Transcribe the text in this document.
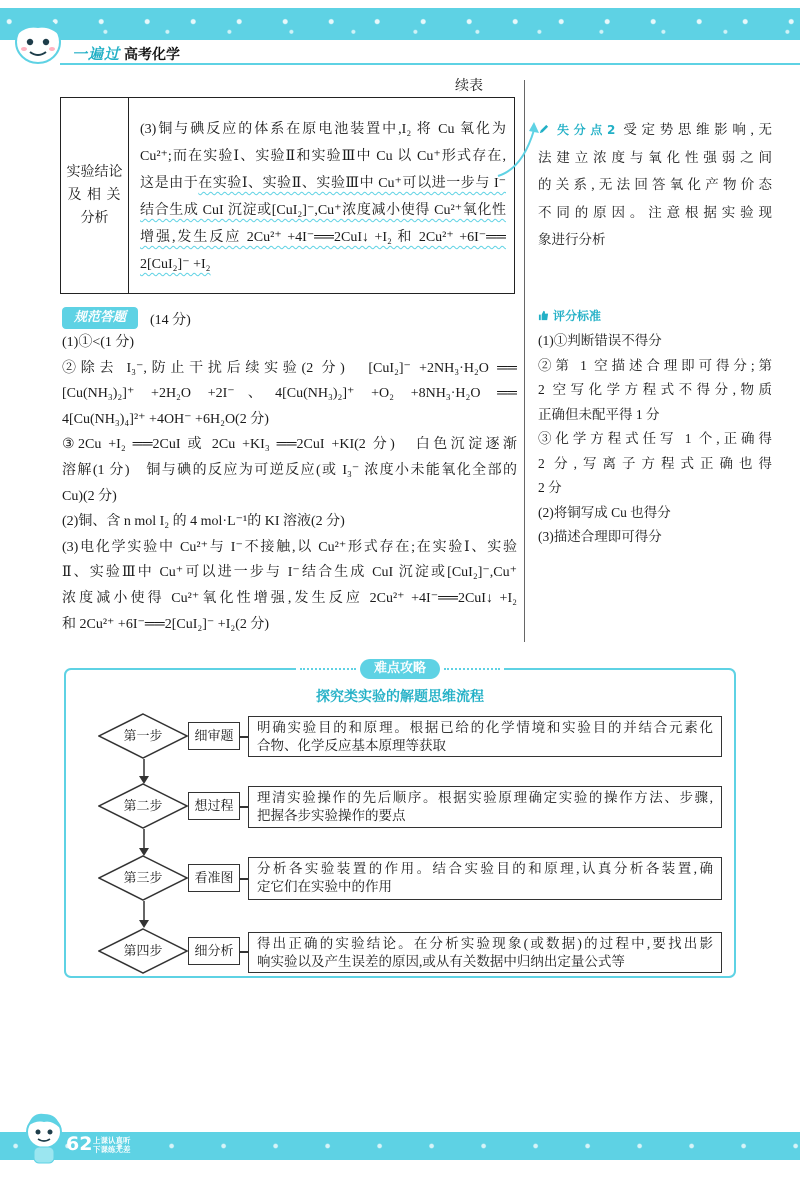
一遍过 高考化学
续表
实验结论
及 相 关
分析
(3)铜与碘反应的体系在原电池装置中,I₂ 将 Cu 氧化为
Cu²⁺;而在实验Ⅰ、实验Ⅱ和实验Ⅲ中 Cu 以 Cu⁺形式存在,
这是由于在实验Ⅰ、实验Ⅱ、实验Ⅲ中 Cu⁺可以进一步与 I⁻
结合生成 CuI 沉淀或[CuI₂]⁻,Cu⁺浓度减小使得 Cu²⁺氧化性
增强,发生反应 2Cu²⁺ +4I⁻══2CuI↓ +I₂ 和 2Cu²⁺ +6I⁻══
2[CuI₂]⁻ +I₂
失分点2 受定势思维影响,无
法建立浓度与氧化性强弱之间
的关系,无法回答氧化产物价态
不同的原因。注意根据实验现
象进行分析
规范答题	(14 分)
(1)①<(1 分)
②除去 I₃⁻,防止干扰后续实验(2 分)　[CuI₂]⁻ +2NH₃·H₂O ══
[Cu(NH₃)₂]⁺ +2H₂O +2I⁻、4[Cu(NH₃)₂]⁺ +O₂ +8NH₃·H₂O ══
4[Cu(NH₃)₄]²⁺ +4OH⁻ +6H₂O(2 分)
③2Cu +I₂ ══2CuI 或 2Cu +KI₃ ══2CuI +KI(2 分)　白色沉淀逐渐
溶解(1 分)　铜与碘的反应为可逆反应(或 I₃⁻ 浓度小未能氧化全部的
Cu)(2 分)
(2)铜、含 n mol I₂ 的 4 mol·L⁻¹的 KI 溶液(2 分)
(3)电化学实验中 Cu²⁺与 I⁻不接触,以 Cu²⁺形式存在;在实验Ⅰ、实验
Ⅱ、实验Ⅲ中 Cu⁺可以进一步与 I⁻结合生成 CuI 沉淀或[CuI₂]⁻,Cu⁺
浓度减小使得 Cu²⁺氧化性增强,发生反应 2Cu²⁺ +4I⁻══2CuI↓ +I₂
和 2Cu²⁺ +6I⁻══2[CuI₂]⁻ +I₂(2 分)
评分标准
(1)①判断错误不得分
②第 1 空描述合理即可得分;第
2 空写化学方程式不得分,物质
正确但未配平得 1 分
③化学方程式任写 1 个,正确得
2 分,写离子方程式正确也得
2 分
(2)将铜写成 Cu 也得分
(3)描述合理即可得分
难点攻略
探究类实验的解题思维流程
第一步	细审题
明确实验目的和原理。根据已给的化学情境和实验目的并结合元素化
合物、化学反应基本原理等获取
第二步	想过程
理清实验操作的先后顺序。根据实验原理确定实验的操作方法、步骤,
把握各步实验操作的要点
第三步	看准图
分析各实验装置的作用。结合实验目的和原理,认真分析各装置,确
定它们在实验中的作用
第四步	细分析	得出正确的实验结论。在分析实验现象(或数据)的过程中,要找出影
响实验以及产生误差的原因,或从有关数据中归纳出定量公式等
62 上课认真听
下课练无差
